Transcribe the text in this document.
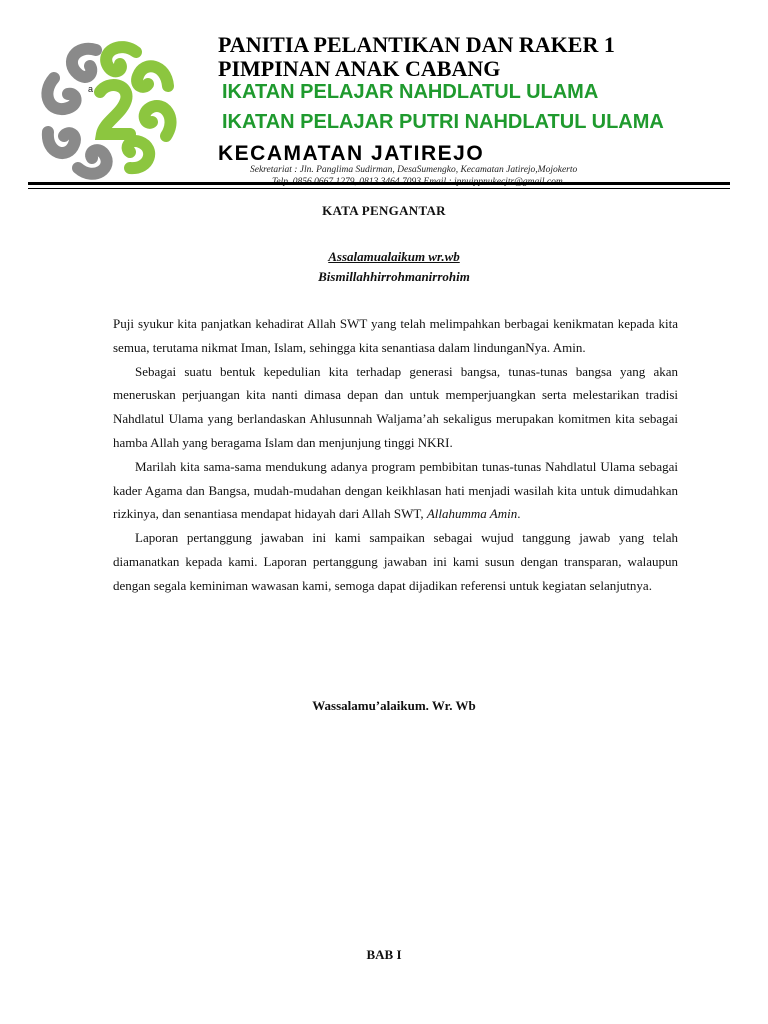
a
PANITIA PELANTIKAN DAN RAKER 1
PIMPINAN ANAK CABANG
IKATAN PELAJAR NAHDLATUL ULAMA
IKATAN PELAJAR PUTRI NAHDLATUL ULAMA
KECAMATAN JATIREJO
Sekretariat : Jln. Panglima Sudirman, DesaSumengko, Kecamatan Jatirejo,Mojokerto
KATA PENGANTAR
Assalamualaikum wr.wb
Bismillahhirrohmanirrohim

Puji syukur kita panjatkan kehadirat Allah SWT yang telah melimpahkan berbagai kenikmatan kepada kita semua, terutama nikmat Iman, Islam, sehingga kita senantiasa dalam lindunganNya. Amin.

Sebagai suatu bentuk kepedulian kita terhadap generasi bangsa, tunas-tunas bangsa yang akan meneruskan perjuangan kita nanti dimasa depan dan untuk memperjuangkan serta melestarikan tradisi Nahdlatul Ulama yang berlandaskan Ahlusunnah Waljama’ah sekaligus merupakan komitmen kita sebagai hamba Allah yang beragama Islam dan menjunjung tinggi NKRI.

Marilah kita sama-sama mendukung adanya program pembibitan tunas-tunas Nahdlatul Ulama sebagai kader Agama dan Bangsa, mudah-mudahan dengan keikhlasan hati menjadi wasilah kita untuk dimudahkan rizkinya, dan senantiasa mendapat hidayah dari Allah SWT, Allahumma Amin.

Laporan pertanggung jawaban ini kami sampaikan sebagai wujud tanggung jawab yang telah diamanatkan kepada kami. Laporan pertanggung jawaban ini kami susun dengan transparan, walaupun dengan segala keminiman wawasan kami, semoga dapat dijadikan referensi untuk kegiatan selanjutnya.

Wassalamu’alaikum. Wr. Wb
BAB I
